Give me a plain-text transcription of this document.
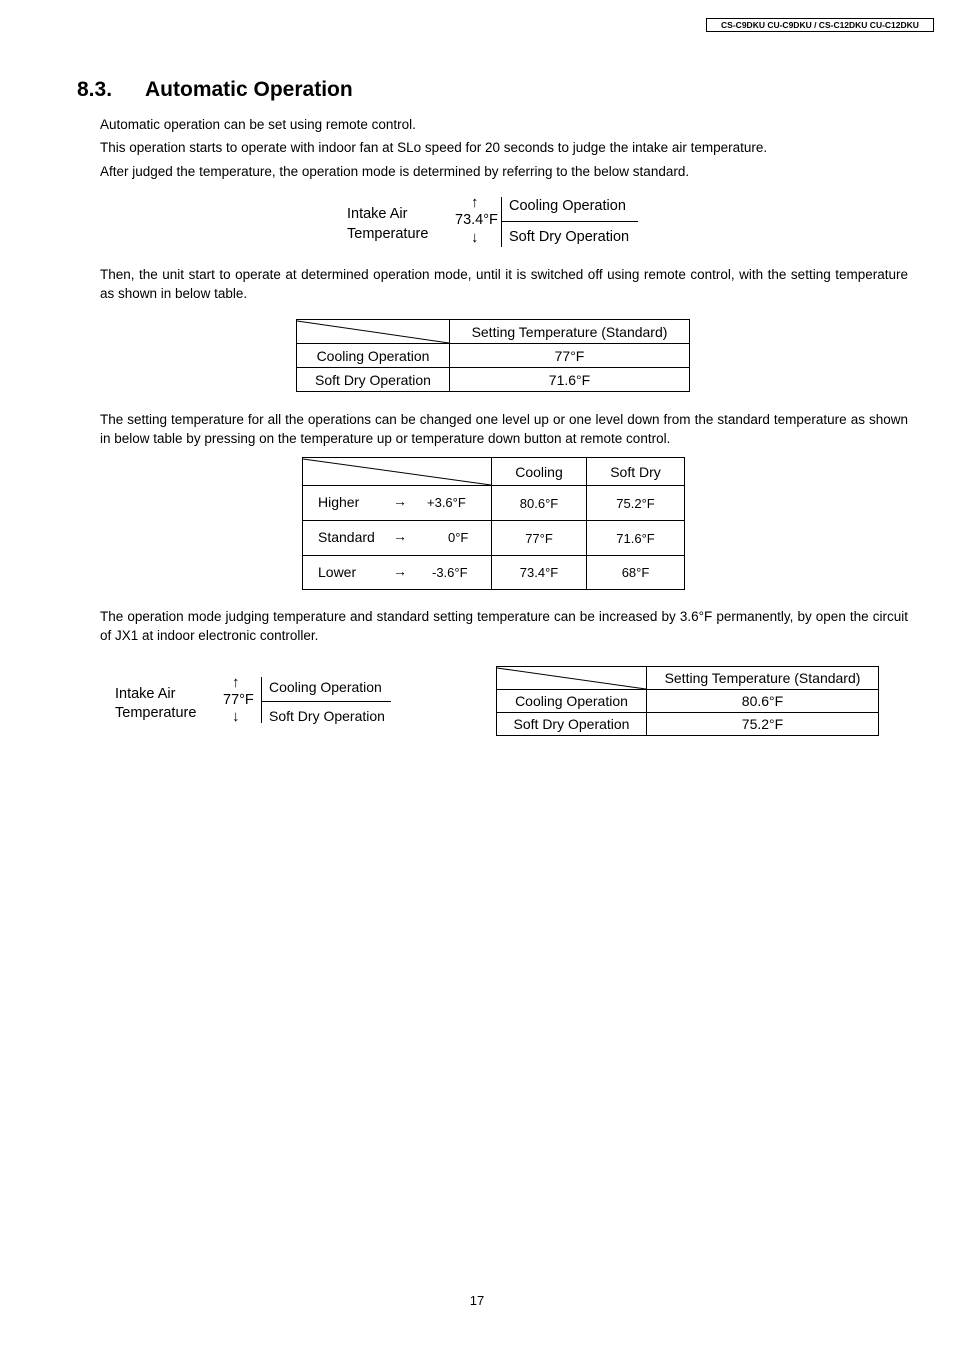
CS-C9DKU CU-C9DKU / CS-C12DKU CU-C12DKU
8.3. Automatic Operation
Automatic operation can be set using remote control.
This operation starts to operate with indoor fan at SLo speed for 20 seconds to judge the intake air temperature.
After judged the temperature, the operation mode is determined by referring to the below standard.
Intake Air
Temperature
↑
73.4°F
↓
Cooling Operation
Soft Dry Operation
Then, the unit start to operate at determined operation mode, until it is switched off using remote control, with the setting temperature as shown in below table.
	Setting Temperature (Standard)
Cooling Operation	77°F
Soft Dry Operation	71.6°F
The setting temperature for all the operations can be changed one level up or one level down from the standard temperature as shown in below table by pressing on the temperature up or temperature down button at remote control.
	Cooling	Soft Dry

Higher → +3.6°F	80.6°F	75.2°F

Standard → 0°F	77°F	71.6°F

Lower → -3.6°F	73.4°F	68°F
The operation mode judging temperature and standard setting temperature can be increased by 3.6°F permanently, by open the circuit of JX1 at indoor electronic controller.
Intake Air
Temperature
↑
77°F
↓
Cooling Operation
Soft Dry Operation
	Setting Temperature (Standard)
Cooling Operation	80.6°F
Soft Dry Operation	75.2°F
17
